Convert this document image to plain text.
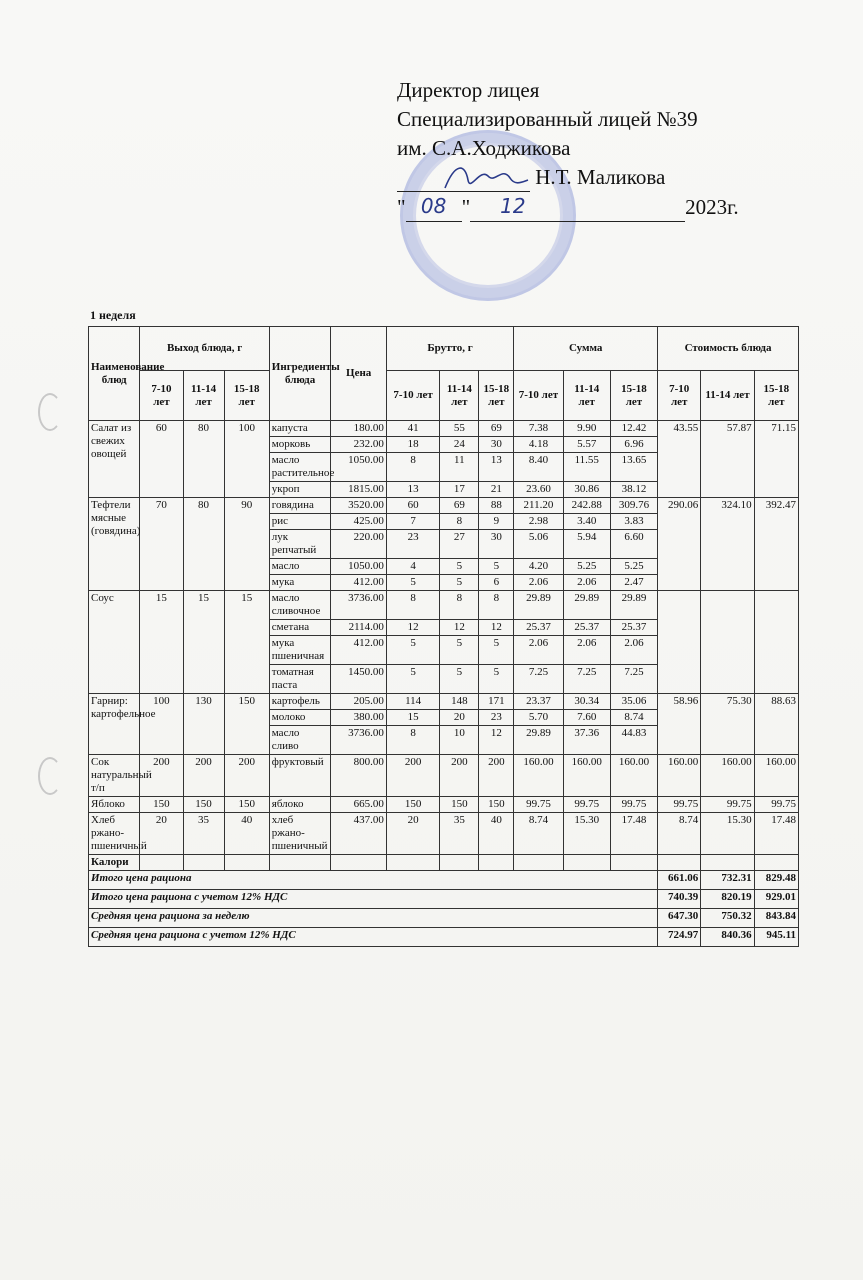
Директор лицея
Специализированный лицей №39
им. С.А.Ходжикова
Н.Т. Маликова
" 08 "	12	2023г.
1 неделя
Наименование блюд	Выход блюда, г			Ингредиенты блюда	Цена	Брутто, г			Сумма			Стоимость блюда		
	7-10 лет	11-14 лет	15-18 лет			7-10 лет	11-14 лет	15-18 лет	7-10 лет	11-14 лет	15-18 лет	7-10 лет	11-14 лет	15-18 лет
Салат из свежих овощей	60	80	100	капуста	180.00	41	55	69	7.38	9.90	12.42	43.55	57.87	71.15
				морковь	232.00	18	24	30	4.18	5.57	6.96			
				масло растительное	1050.00	8	11	13	8.40	11.55	13.65			
				укроп	1815.00	13	17	21	23.60	30.86	38.12			
Тефтели мясные (говядина)	70	80	90	говядина	3520.00	60	69	88	211.20	242.88	309.76	290.06	324.10	392.47
				рис	425.00	7	8	9	2.98	3.40	3.83			
				лук репчатый	220.00	23	27	30	5.06	5.94	6.60			
				масло	1050.00	4	5	5	4.20	5.25	5.25			
				мука	412.00	5	5	6	2.06	2.06	2.47			
Соус	15	15	15	масло сливочное	3736.00	8	8	8	29.89	29.89	29.89			
				сметана	2114.00	12	12	12	25.37	25.37	25.37			
				мука пшеничная	412.00	5	5	5	2.06	2.06	2.06			
				томатная паста	1450.00	5	5	5	7.25	7.25	7.25			
Гарнир: картофельное	100	130	150	картофель	205.00	114	148	171	23.37	30.34	35.06	58.96	75.30	88.63
				молоко	380.00	15	20	23	5.70	7.60	8.74			
				масло сливо	3736.00	8	10	12	29.89	37.36	44.83			
Сок натуральный т/п	200	200	200	фруктовый	800.00	200	200	200	160.00	160.00	160.00	160.00	160.00	160.00
Яблоко	150	150	150	яблоко	665.00	150	150	150	99.75	99.75	99.75	99.75	99.75	99.75
Хлеб ржано-пшеничный	20	35	40	хлеб ржано-пшеничный	437.00	20	35	40	8.74	15.30	17.48	8.74	15.30	17.48
Калори														
Итого цена рациона												661.06	732.31	829.48
Итого цена рациона с учетом 12% НДС												740.39	820.19	929.01
Средняя цена рациона за неделю												647.30	750.32	843.84
Средняя цена рациона с учетом 12% НДС												724.97	840.36	945.11
